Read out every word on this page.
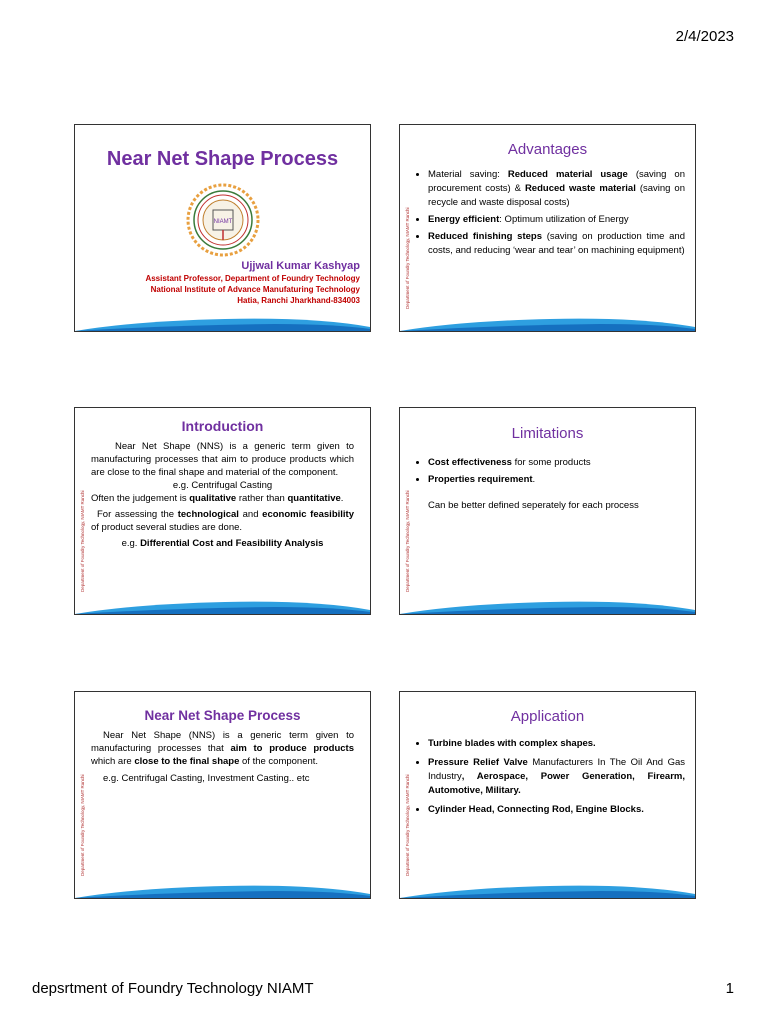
2/4/2023
Near Net Shape Process
NIAMT
Ujjwal Kumar Kashyap
Assistant Professor, Department of Foundry Technology
National Institute of Advance Manufaturing Technology
Hatia, Ranchi Jharkhand-834003	Department of Foundry Technology, NIAMT Ranchi
Advantages
• Material saving: Reduced material usage (saving on procurement costs) & Reduced waste material (saving on recycle and waste disposal costs)
• Energy efficient: Optimum utilization of Energy
• Reduced finishing steps (saving on production time and costs, and reducing ‘wear and tear’ on machining equipment)
Department of Foundry Technology, NIAMT Ranchi
Introduction
Near Net Shape (NNS) is a generic term given to manufacturing processes that aim to produce products which are close to the final shape and material of the component.
e.g. Centrifugal Casting
Often the judgement is qualitative rather than quantitative.
For assessing the technological and economic feasibility of product several studies are done.
e.g. Differential Cost and Feasibility Analysis	Department of Foundry Technology, NIAMT Ranchi
Limitations
• Cost effectiveness for some products
• Properties requirement.
Can be better defined seperately for each process
Department of Foundry Technology, NIAMT Ranchi
Near Net Shape Process
Near Net Shape (NNS) is a generic term given to manufacturing processes that aim to produce products which are close to the final shape of the component.
e.g. Centrifugal Casting, Investment Casting.. etc	Department of Foundry Technology, NIAMT Ranchi
Application
• Turbine blades with complex shapes.
• Pressure Relief Valve Manufacturers In The Oil And Gas Industry, Aerospace, Power Generation, Firearm, Automotive, Military.
• Cylinder Head, Connecting Rod, Engine Blocks.
depsrtment of Foundry Technology NIAMT	1
